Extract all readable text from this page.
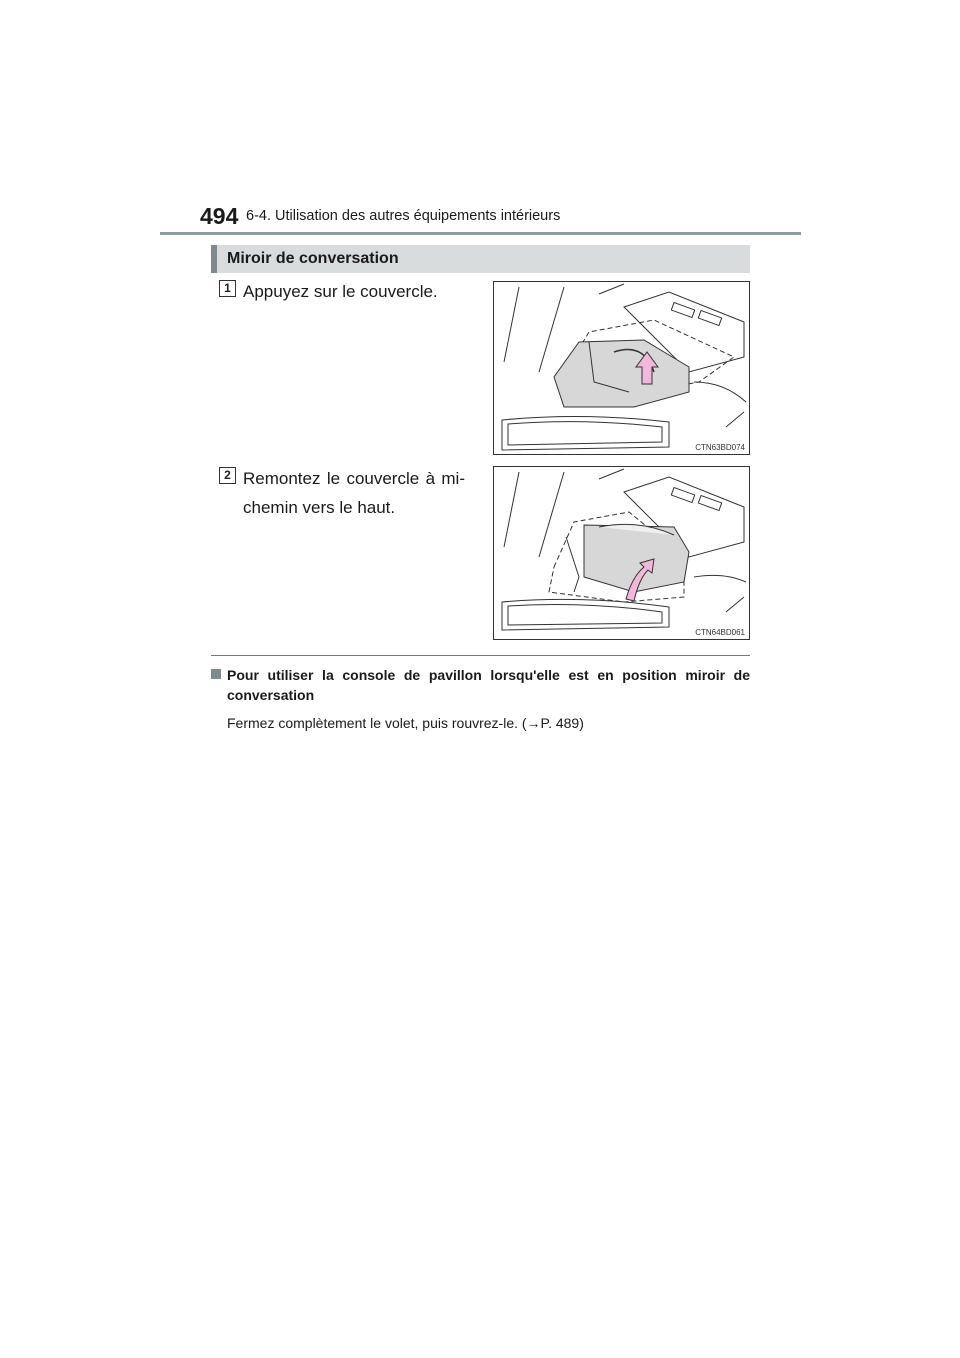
494 6-4. Utilisation des autres équipements intérieurs
Miroir de conversation
1 Appuyez sur le couvercle.
CTN63BD074
2 Remontez le couvercle à mi-chemin vers le haut.
CTN64BD061
Pour utiliser la console de pavillon lorsqu'elle est en position miroir de conversation
Fermez complètement le volet, puis rouvrez-le. (→P. 489)
